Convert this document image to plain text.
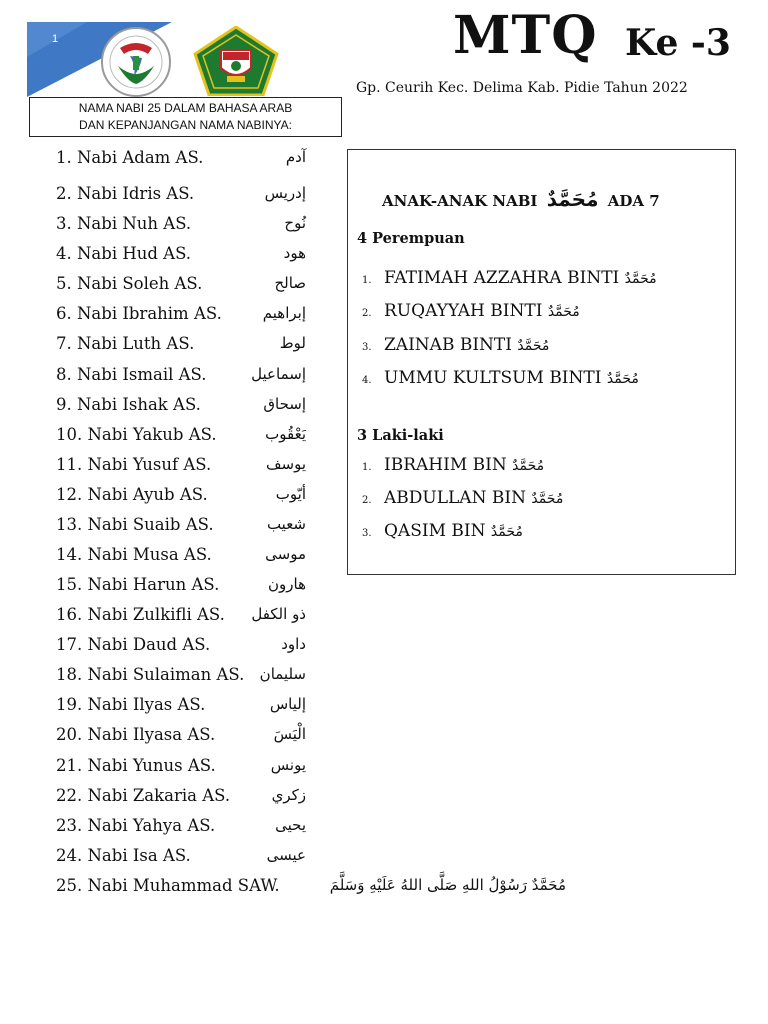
1	MTQ Ke -3
Gp. Ceurih Kec. Delima Kab. Pidie Tahun 2022
NAMA NABI 25 DALAM BAHASA ARAB
DAN KEPANJANGAN NAMA NABINYA:
1. Nabi Adam AS.	آدم
2. Nabi Idris AS.	إدريس
3. Nabi Nuh AS.	نُوح
4. Nabi Hud AS.	هود
5. Nabi Soleh AS.	صالح
6. Nabi Ibrahim AS.	إبراهيم
7. Nabi Luth AS.	لوط
8. Nabi Ismail AS.	إسماعيل
9. Nabi Ishak AS.	إسحاق
10. Nabi Yakub AS.	يَعْقُوب
11. Nabi Yusuf AS.	يوسف
12. Nabi Ayub AS.	أيّوب
13. Nabi Suaib AS.	شعيب
14. Nabi Musa AS.	موسى
15. Nabi Harun AS.	هارون
16. Nabi Zulkifli AS. ذو الكفل
17. Nabi Daud AS.	داود
18. Nabi Sulaiman AS. سليمان
19. Nabi Ilyas AS.	إلياس
20. Nabi Ilyasa AS.	الْيَسَ
21. Nabi Yunus AS.	يونس
22. Nabi Zakaria AS.	زكري
23. Nabi Yahya AS.	يحيى
24. Nabi Isa AS.	عيسى
25. Nabi Muhammad SAW.	مُحَمَّدٌ رَسُوْلُ اللهِ صَلَّى اللهُ عَلَيْهِ وَسَلَّمَ
ANAK-ANAK NABI مُحَمَّدٌ ADA 7
4 Perempuan
1. FATIMAH AZZAHRA BINTI مُحَمَّدٌ
2. RUQAYYAH BINTI مُحَمَّدٌ
3. ZAINAB BINTI مُحَمَّدٌ
4. UMMU KULTSUM BINTI مُحَمَّدٌ
3 Laki-laki
1. IBRAHIM BIN مُحَمَّدٌ
2. ABDULLAN BIN مُحَمَّدٌ
3. QASIM BIN مُحَمَّدٌ
